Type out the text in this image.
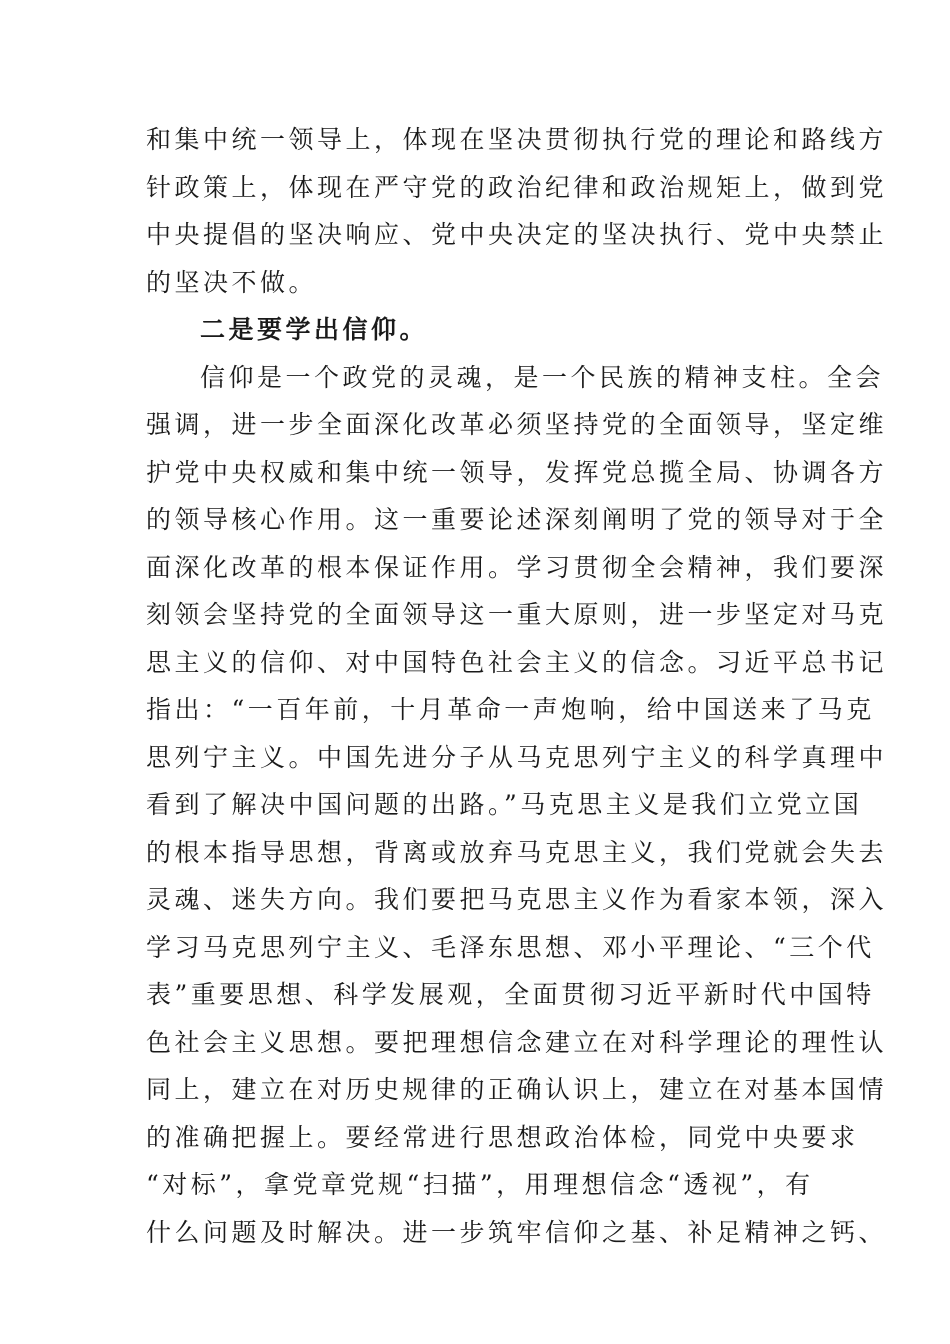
和集中统一领导上，体现在坚决贯彻执行党的理论和路线方
针政策上，体现在严守党的政治纪律和政治规矩上，做到党
中央提倡的坚决响应、党中央决定的坚决执行、党中央禁止
的坚决不做。
二是要学出信仰。
信仰是一个政党的灵魂，是一个民族的精神支柱。全会
强调，进一步全面深化改革必须坚持党的全面领导，坚定维
护党中央权威和集中统一领导，发挥党总揽全局、协调各方
的领导核心作用。这一重要论述深刻阐明了党的领导对于全
面深化改革的根本保证作用。学习贯彻全会精神，我们要深
刻领会坚持党的全面领导这一重大原则，进一步坚定对马克
思主义的信仰、对中国特色社会主义的信念。习近平总书记
指出：“一百年前，十月革命一声炮响，给中国送来了马克
思列宁主义。中国先进分子从马克思列宁主义的科学真理中
看到了解决中国问题的出路。”马克思主义是我们立党立国
的根本指导思想，背离或放弃马克思主义，我们党就会失去
灵魂、迷失方向。我们要把马克思主义作为看家本领，深入
学习马克思列宁主义、毛泽东思想、邓小平理论、“三个代
表”重要思想、科学发展观，全面贯彻习近平新时代中国特
色社会主义思想。要把理想信念建立在对科学理论的理性认
同上，建立在对历史规律的正确认识上，建立在对基本国情
的准确把握上。要经常进行思想政治体检，同党中央要求
“对标”，拿党章党规“扫描”，用理想信念“透视”，有
什么问题及时解决。进一步筑牢信仰之基、补足精神之钙、
